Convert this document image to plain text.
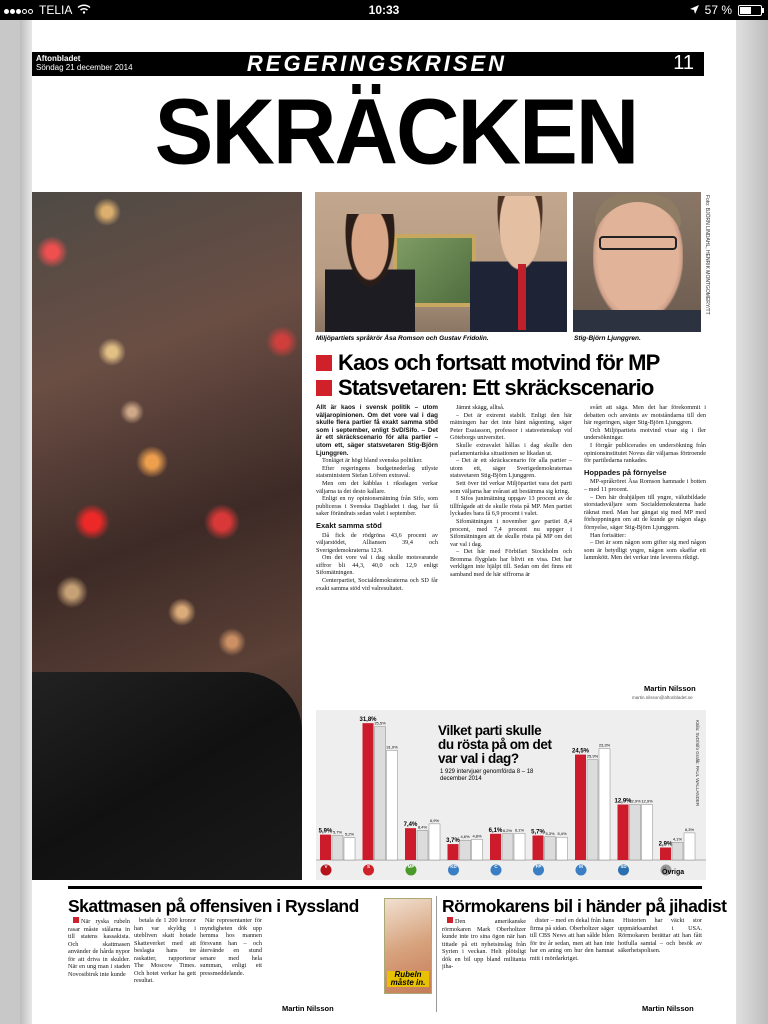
TELIA	10:33	57 %
Aftonbladet
Söndag 21 december 2014	REGERINGSKRISEN	11
SKRÄCKEN
Foto: BJÖRN LINDAHL, HENRIK MONTGOMERY/TT
Miljöpartiets språkrör Åsa Romson och Gustav Fridolin.	Stig-Björn Ljunggren.
Kaos och fortsatt motvind för MP
Statsvetaren: Ett skräckscenario

Allt är kaos i svensk politik – utom väljaropinionen. Om det vore val i dag skulle flera partier få exakt samma stöd som i september, enligt SvD/Sifo. – Det är ett skräckscenario för alla partier – utom ett, säger statsvetaren Stig-Björn Ljunggren.

Tonläget är högt bland svenska politiker.

Efter regeringens budgetnederlag utlyste statsministern Stefan Löfven extraval.

Men om det käbblas i riksdagen verkar väljarna ta det desto kallare.

Enligt en ny opinionsmätning från Sifo, som publiceras i Svenska Dagbladet i dag, har få saker förändrats sedan valet i september.

Exakt samma stöd

Då fick de rödgröna 43,6 procent av väljarstödet, Alliansen 39,4 och Sverigedemokraterna 12,9.

Om det vore val i dag skulle motsvarande siffror bli 44,3, 40,0 och 12,9 enligt Sifomätningen.

Centerpartiet, Socialdemokraterna och SD får exakt samma stöd vid valresultatet.

Jämnt skägg, alltså.

– Det är extremt stabilt. Enligt den här mätningen har det inte hänt någonting, säger Peter Esaiasson, professor i statsvetenskap vid Göteborgs universitet.

Skulle extravalet hållas i dag skulle den parlamentariska situationen se likadan ut.

– Det är ett skräckscenario för alla partier – utom ett, säger Sverigedemokraternas statsvetaren Stig-Björn Ljunggren.

Sett över tid verkar Miljöpartiet vara det parti som väljarna har svårast att bestämma sig kring.

I Sifos junimätning uppgav 13 procent av de tillfrågade att de skulle rösta på MP. Men partiet lyckades bara få 6,9 procent i valet.

Sifomätningen i november gav partiet 8,4 procent, med 7,4 procent nu uppger i Sifomätningen att de skulle rösta på MP om det var val i dag.

– Det här med Förbifart Stockholm och Bromma flygplats har blivit en visa. Det har verkligen inte hjälpt till. Sedan om det finns ett samband med de här siffrorna är

svårt att säga. Men det har förekommit i debatten och använts av motståndarna till den här regeringen, säger Stig-Björn Ljunggren.

Och Miljöpartiets motvind visar sig i fler undersökningar.

I förrgår publicerades en undersökning från opinionsinstitutet Novus där väljarnas förtroende för partiledarna rankades.

Hoppades på förnyelse

MP-språkröret Åsa Romson hamnade i botten – med 11 procent.

– Den här drahjälpen till yngre, välutbildade storstadsväljare som Socialdemokraterna hade räknat med. Man har gängat sig med MP med förhoppningen om att de kunde ge någon slags förnyelse, säger Stig-Björn Ljunggren.

Han fortsätter:

– Det är som någon som gifter sig med någon som är betydligt yngre, någon som skaffar ett lammkött. Men det verkar inte leverera riktigt.

Martin Nilsson
martin.nilsson@aftonbladet.se
5,9% 5,7% 5,2%
V
31,8%
25,5%
31,0%
S
7,4% 8,4%
6,9%
MP
3,7%
4,6% 4,8%
KD
6,1% 6,2% 6,1%
C
5,7% 5,3% 5,4%
FP
24,5%
25,9%
23,3%
M
12,9%
12,9% 12,9%
SD
2,9%
4,1%
6,3%
Övriga
Vilket parti skulle du rösta på om det var val i dag?
1 929 intervjuer genomförda 8 – 18 december 2014	Källa: SvD/Sifo Grafik: PAUL WALLANDER
Skattmasen på offensiven i Ryssland

När ryska rubeln rasar måste stålarna in till statens kassakista. Och skattmasen använder de hårda nypor för att driva in skulder. När en ung man i staden Novosibirsk inte kunde

betala de 1 200 kronor han var skyldig i utebliven skatt hotade Skatteverket med att beslagta hans tre raskatter, rapporterar The Moscow Times. Och hotet verkar ha gett resultat.

När representanter för myndigheten dök upp hemma hos mannen försvann han – och återvände en stund senare med hela summan, enligt ett pressmeddelande.

Martin Nilsson
Rubeln måste in.
Rörmokarens bil i händer på jihadist

Den amerikanske rörmokaren Mark Oberholtzer kunde inte tro sina ögon när han tittade på ett nyhetsinslag från Syrien i veckan. Helt plötsligt dök en bil upp bland militanta jiha-

dister – med en dekal från hans firma på sidan. Oberholtzer säger till CBS News att han sålde bilen för tre år sedan, men att han inte har en aning om hur den hamnat mitt i mördarkriget.

Historien har väckt stor uppmärksamhet i USA. Rörmokaren berättar att han fått hotfulla samtal – och besök av säkerhetspolisen.

Martin Nilsson
